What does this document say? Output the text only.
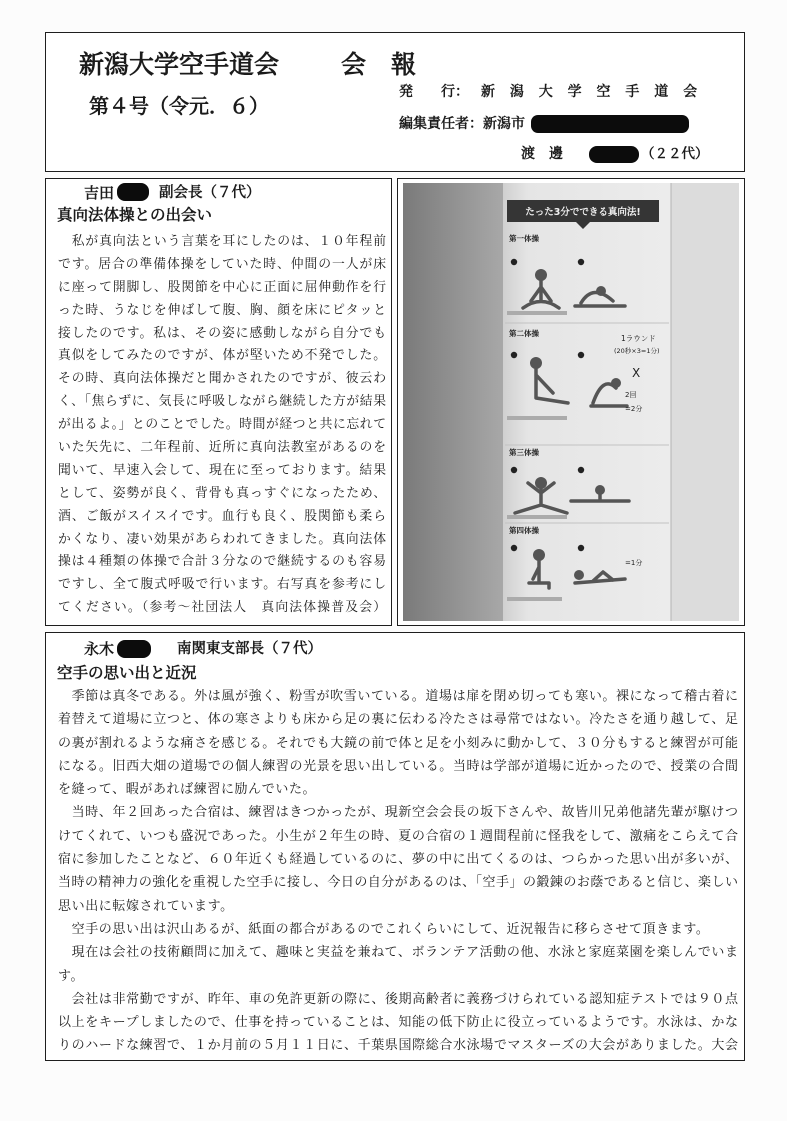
新潟大学空手道会 会　報
第４号（令元．６）
発　　行： 新 潟 大 学 空 手 道 会
編集責任者：新潟市
渡　邊	（２２代）
吉田	副会長（７代）
真向法体操との出会い
　私が真向法という言葉を耳にしたのは、１０年程前
です。居合の準備体操をしていた時、仲間の一人が床
に座って開脚し、股関節を中心に正面に屈伸動作を行
った時、うなじを伸ばして腹、胸、顔を床にピタッと
接したのです。私は、その姿に感動しながら自分でも
真似をしてみたのですが、体が堅いため不発でした。
その時、真向法体操だと聞かされたのですが、彼云わ
く、「焦らずに、気長に呼吸しながら継続した方が結果
が出るよ。」とのことでした。時間が経つと共に忘れて
いた矢先に、二年程前、近所に真向法教室があるのを
聞いて、早速入会して、現在に至っております。結果
として、姿勢が良く、背骨も真っすぐになったため、
酒、ご飯がスイスイです。血行も良く、股関節も柔ら
かくなり、凄い効果があらわれてきました。真向法体
操は４種類の体操で合計３分なので継続するのも容易
ですし、全て腹式呼吸で行います。右写真を参考にし
てください。（参考～社団法人　真向法体操普及会）
たった3分でできる真向法!
第一体操
第二体操
第三体操
第四体操
1ラウンド
(20秒×3=1分)
X
2回
=2分
=1分
永木	南関東支部長（７代）
空手の思い出と近況
　季節は真冬である。外は風が強く、粉雪が吹雪いている。道場は扉を閉め切っても寒い。裸になって稽古着に
着替えて道場に立つと、体の寒さよりも床から足の裏に伝わる冷たさは尋常ではない。冷たさを通り越して、足
の裏が割れるような痛さを感じる。それでも大鏡の前で体と足を小刻みに動かして、３０分もすると練習が可能
になる。旧西大畑の道場での個人練習の光景を思い出している。当時は学部が道場に近かったので、授業の合間
を縫って、暇があれば練習に励んでいた。
　当時、年２回あった合宿は、練習はきつかったが、現新空会会長の坂下さんや、故皆川兄弟他諸先輩が駆けつ
けてくれて、いつも盛況であった。小生が２年生の時、夏の合宿の１週間程前に怪我をして、激痛をこらえて合
宿に参加したことなど、６０年近くも経過しているのに、夢の中に出てくるのは、つらかった思い出が多いが、
当時の精神力の強化を重視した空手に接し、今日の自分があるのは、「空手」の鍛錬のお蔭であると信じ、楽しい
思い出に転嫁されています。
　空手の思い出は沢山あるが、紙面の都合があるのでこれくらいにして、近況報告に移らさせて頂きます。
　現在は会社の技術顧問に加えて、趣味と実益を兼ねて、ボランテア活動の他、水泳と家庭菜園を楽しんでいま
す。
　会社は非常勤ですが、昨年、車の免許更新の際に、後期高齢者に義務づけられている認知症テストでは９０点
以上をキープしましたので、仕事を持っていることは、知能の低下防止に役立っているようです。水泳は、かな
りのハードな練習で、１か月前の５月１１日に、千葉県国際総合水泳場でマスターズの大会がありました。大会
